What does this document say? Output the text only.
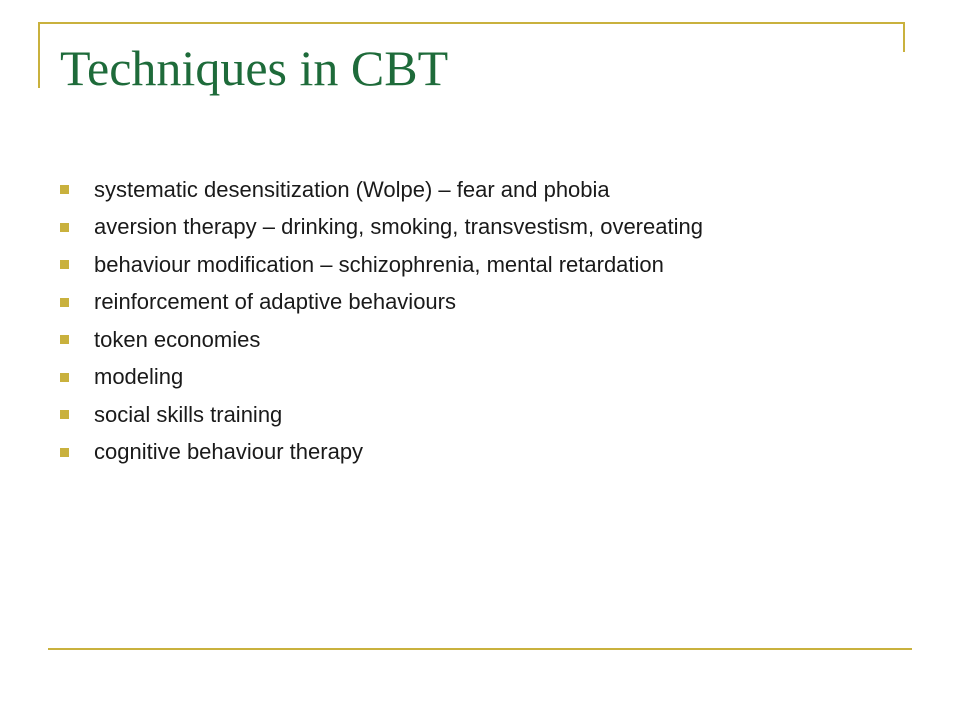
Techniques in CBT
systematic desensitization (Wolpe) – fear and phobia
aversion therapy – drinking, smoking, transvestism, overeating
behaviour modification – schizophrenia, mental retardation
reinforcement of adaptive behaviours
token economies
modeling
social skills training
cognitive behaviour therapy
